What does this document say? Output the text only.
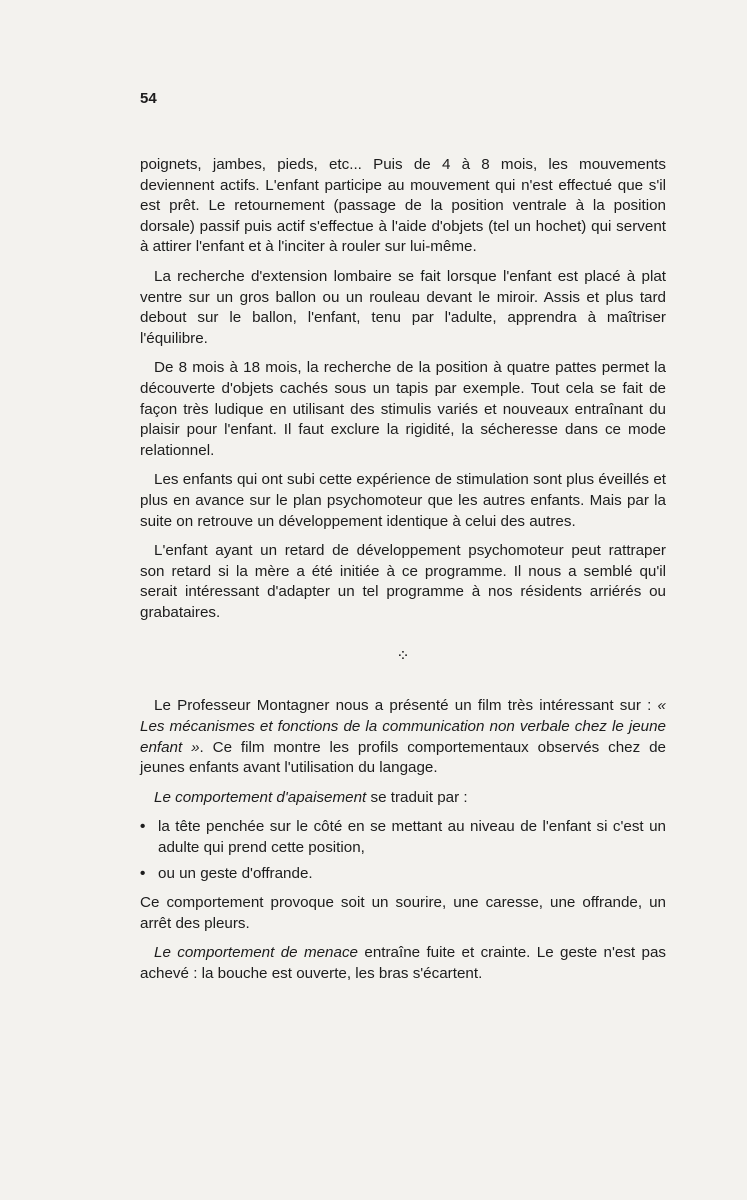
54

poignets, jambes, pieds, etc... Puis de 4 à 8 mois, les mouvements deviennent actifs. L'enfant participe au mouvement qui n'est effectué que s'il est prêt. Le retournement (passage de la position ventrale à la position dorsale) passif puis actif s'effectue à l'aide d'objets (tel un hochet) qui servent à attirer l'enfant et à l'inciter à rouler sur lui-même.

La recherche d'extension lombaire se fait lorsque l'enfant est placé à plat ventre sur un gros ballon ou un rouleau devant le miroir. Assis et plus tard debout sur le ballon, l'enfant, tenu par l'adulte, apprendra à maîtriser l'équilibre.

De 8 mois à 18 mois, la recherche de la position à quatre pattes permet la découverte d'objets cachés sous un tapis par exemple. Tout cela se fait de façon très ludique en utilisant des stimulis variés et nouveaux entraînant du plaisir pour l'enfant. Il faut exclure la rigidité, la sécheresse dans ce mode relationnel.

Les enfants qui ont subi cette expérience de stimulation sont plus éveillés et plus en avance sur le plan psychomoteur que les autres enfants. Mais par la suite on retrouve un développement identique à celui des autres.

L'enfant ayant un retard de développement psychomoteur peut rattraper son retard si la mère a été initiée à ce programme. Il nous a semblé qu'il serait intéressant d'adapter un tel programme à nos résidents arriérés ou grabataires.

⁘

Le Professeur Montagner nous a présenté un film très intéressant sur : « Les mécanismes et fonctions de la communication non verbale chez le jeune enfant ». Ce film montre les profils comportementaux observés chez de jeunes enfants avant l'utilisation du langage.

Le comportement d'apaisement se traduit par :

• la tête penchée sur le côté en se mettant au niveau de l'enfant si c'est un adulte qui prend cette position,
• ou un geste d'offrande.

Ce comportement provoque soit un sourire, une caresse, une offrande, un arrêt des pleurs.

Le comportement de menace entraîne fuite et crainte. Le geste n'est pas achevé : la bouche est ouverte, les bras s'écartent.
